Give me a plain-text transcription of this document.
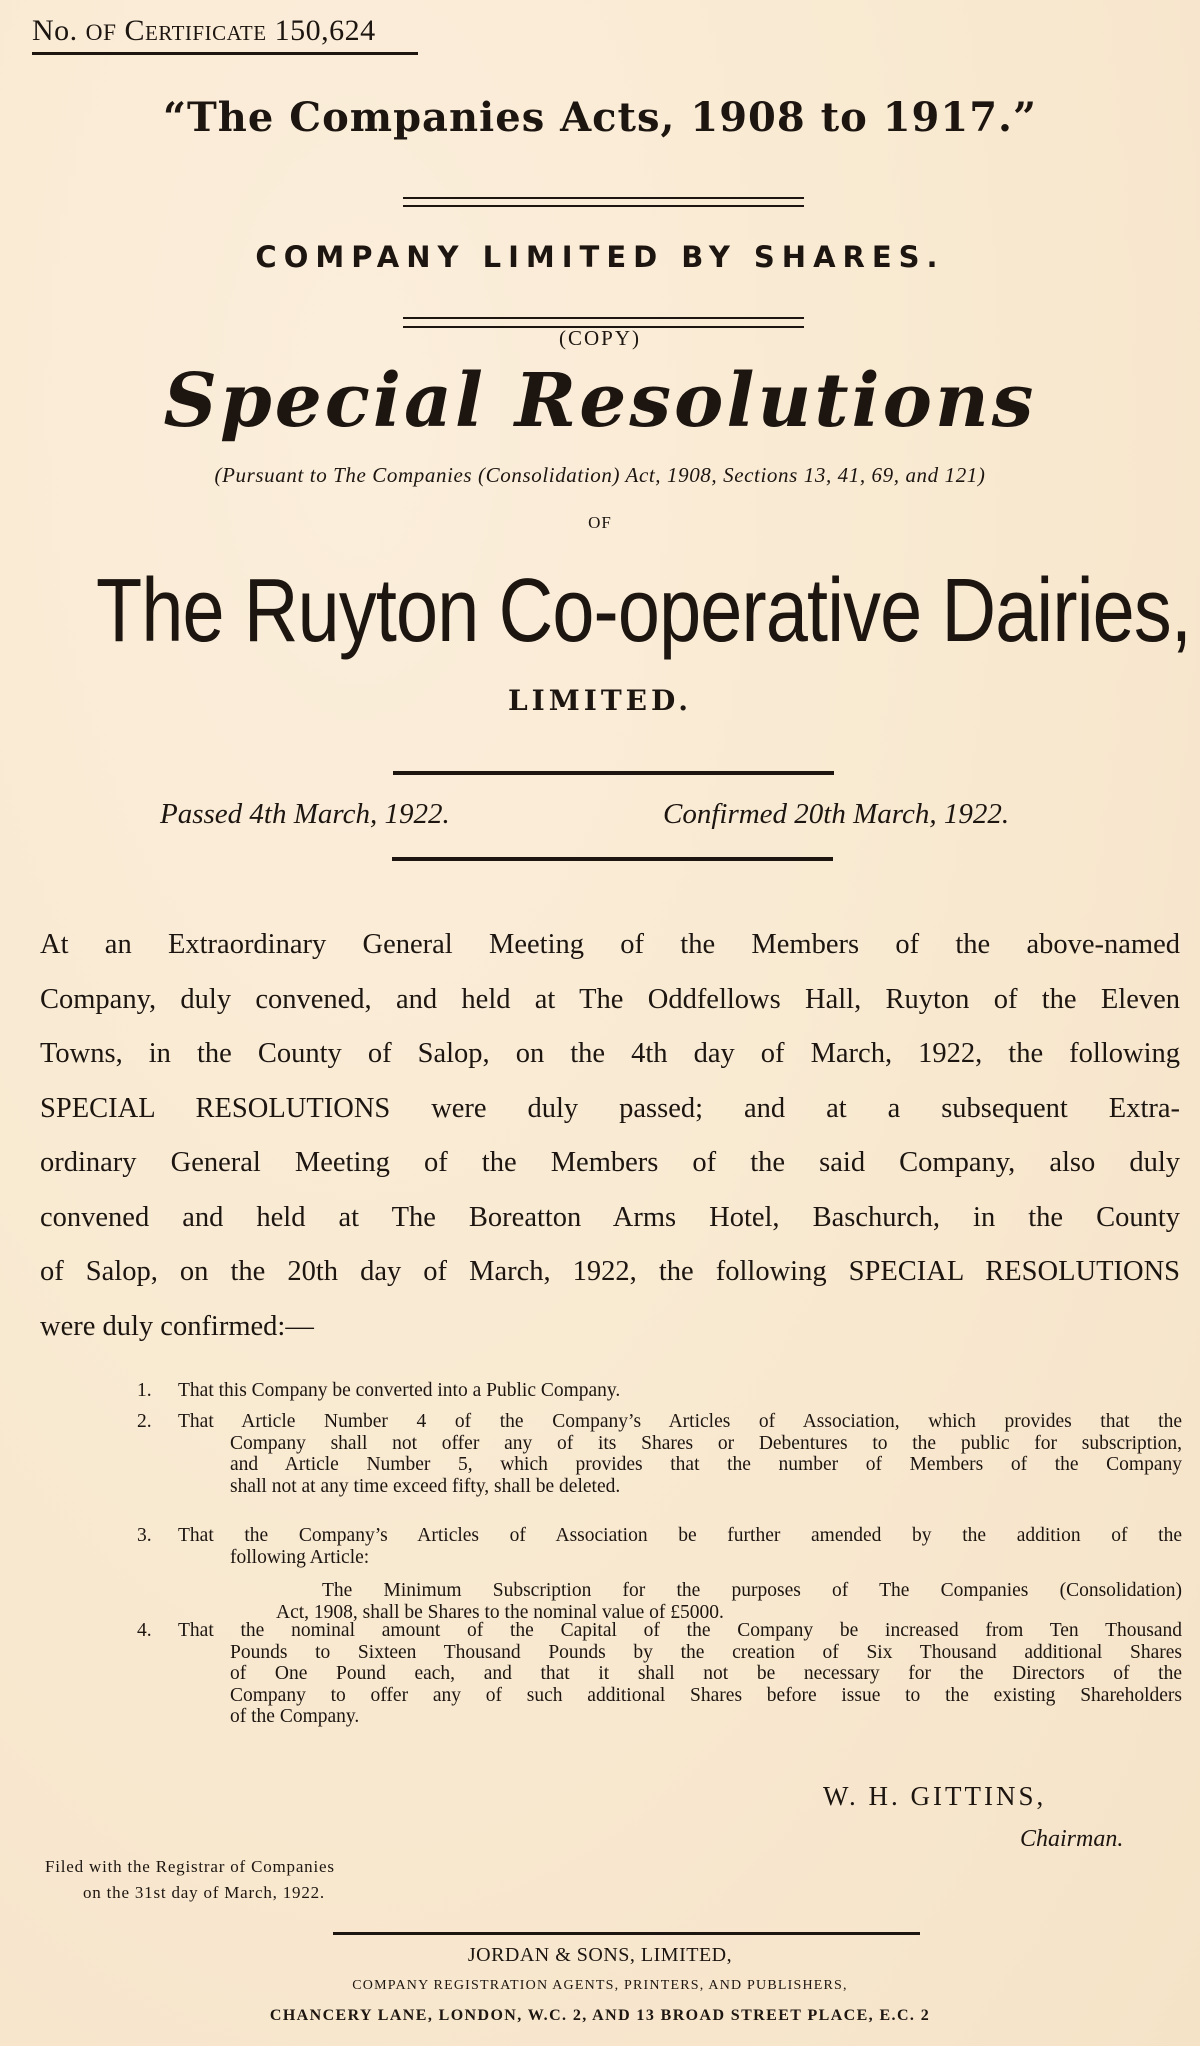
No. OF Certificate 150,624
“The Companies Acts, 1908 to 1917.”
COMPANY LIMITED BY SHARES.
(COPY)
Special Resolutions
(Pursuant to The Companies (Consolidation) Act, 1908, Sections 13, 41, 69, and 121)
OF
The Ruyton Co-operative Dairies,
LIMITED.
Passed 4th March, 1922.	Confirmed 20th March, 1922.
At an Extraordinary General Meeting of the Members of the above-named
Company, duly convened, and held at The Oddfellows Hall, Ruyton of the Eleven
Towns, in the County of Salop, on the 4th day of March, 1922, the following
SPECIAL RESOLUTIONS were duly passed; and at a subsequent Extra-
ordinary General Meeting of the Members of the said Company, also duly
convened and held at The Boreatton Arms Hotel, Baschurch, in the County
of Salop, on the 20th day of March, 1922, the following SPECIAL RESOLUTIONS
were duly confirmed:—
1. That this Company be converted into a Public Company.
2. That Article Number 4 of the Company’s Articles of Association, which provides that the
Company shall not offer any of its Shares or Debentures to the public for subscription,
and Article Number 5, which provides that the number of Members of the Company
shall not at any time exceed fifty, shall be deleted.
3. That the Company’s Articles of Association be further amended by the addition of the
following Article:
The Minimum Subscription for the purposes of The Companies (Consolidation)
Act, 1908, shall be Shares to the nominal value of £5000.
4. That the nominal amount of the Capital of the Company be increased from Ten Thousand
Pounds to Sixteen Thousand Pounds by the creation of Six Thousand additional Shares
of One Pound each, and that it shall not be necessary for the Directors of the
Company to offer any of such additional Shares before issue to the existing Shareholders
of the Company.
W. H. GITTINS,
Chairman.
Filed with the Registrar of Companies
on the 31st day of March, 1922.
JORDAN & SONS, LIMITED,
COMPANY REGISTRATION AGENTS, PRINTERS, AND PUBLISHERS,
CHANCERY LANE, LONDON, W.C. 2, AND 13 BROAD STREET PLACE, E.C. 2
